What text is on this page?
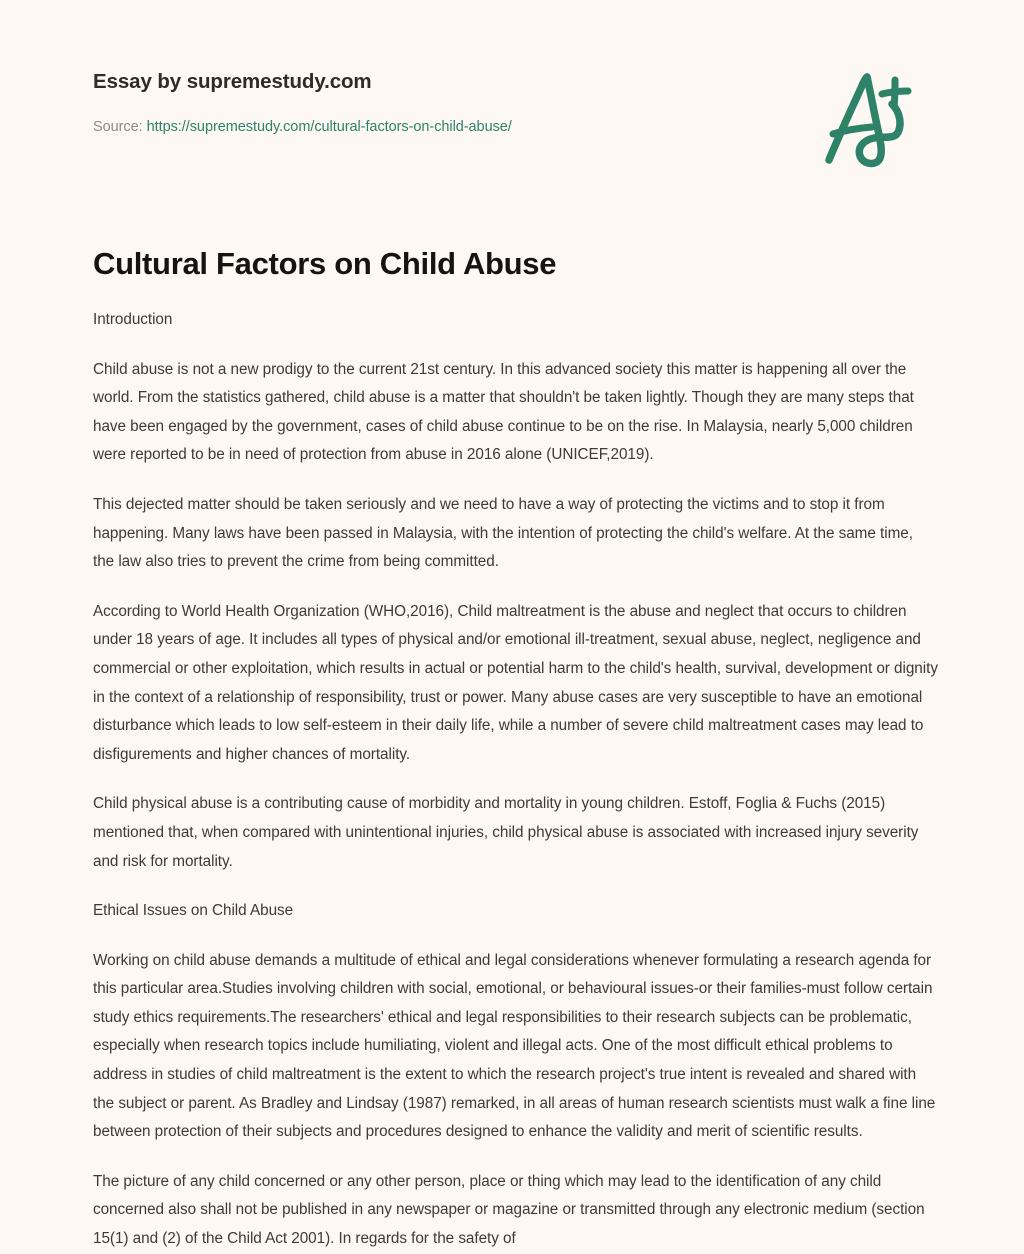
Essay by supremestudy.com
Source: https://supremestudy.com/cultural-factors-on-child-abuse/
Cultural Factors on Child Abuse

Introduction

Child abuse is not a new prodigy to the current 21st century. In this advanced society this matter is happening all over the world. From the statistics gathered, child abuse is a matter that shouldn't be taken lightly. Though they are many steps that have been engaged by the government, cases of child abuse continue to be on the rise. In Malaysia, nearly 5,000 children were reported to be in need of protection from abuse in 2016 alone (UNICEF,2019).

This dejected matter should be taken seriously and we need to have a way of protecting the victims and to stop it from happening. Many laws have been passed in Malaysia, with the intention of protecting the child's welfare. At the same time, the law also tries to prevent the crime from being committed.

According to World Health Organization (WHO,2016), Child maltreatment is the abuse and neglect that occurs to children under 18 years of age. It includes all types of physical and/or emotional ill-treatment, sexual abuse, neglect, negligence and commercial or other exploitation, which results in actual or potential harm to the child's health, survival, development or dignity in the context of a relationship of responsibility, trust or power. Many abuse cases are very susceptible to have an emotional disturbance which leads to low self-esteem in their daily life, while a number of severe child maltreatment cases may lead to disfigurements and higher chances of mortality.

Child physical abuse is a contributing cause of morbidity and mortality in young children. Estoff, Foglia & Fuchs (2015) mentioned that, when compared with unintentional injuries, child physical abuse is associated with increased injury severity and risk for mortality.

Ethical Issues on Child Abuse

Working on child abuse demands a multitude of ethical and legal considerations whenever formulating a research agenda for this particular area.Studies involving children with social, emotional, or behavioural issues-or their families-must follow certain study ethics requirements.The researchers' ethical and legal responsibilities to their research subjects can be problematic, especially when research topics include humiliating, violent and illegal acts. One of the most difficult ethical problems to address in studies of child maltreatment is the extent to which the research project's true intent is revealed and shared with the subject or parent. As Bradley and Lindsay (1987) remarked, in all areas of human research scientists must walk a fine line between protection of their subjects and procedures designed to enhance the validity and merit of scientific results.

The picture of any child concerned or any other person, place or thing which may lead to the identification of any child concerned also shall not be published in any newspaper or magazine or transmitted through any electronic medium (section 15(1) and (2) of the Child Act 2001). In regards for the safety of
